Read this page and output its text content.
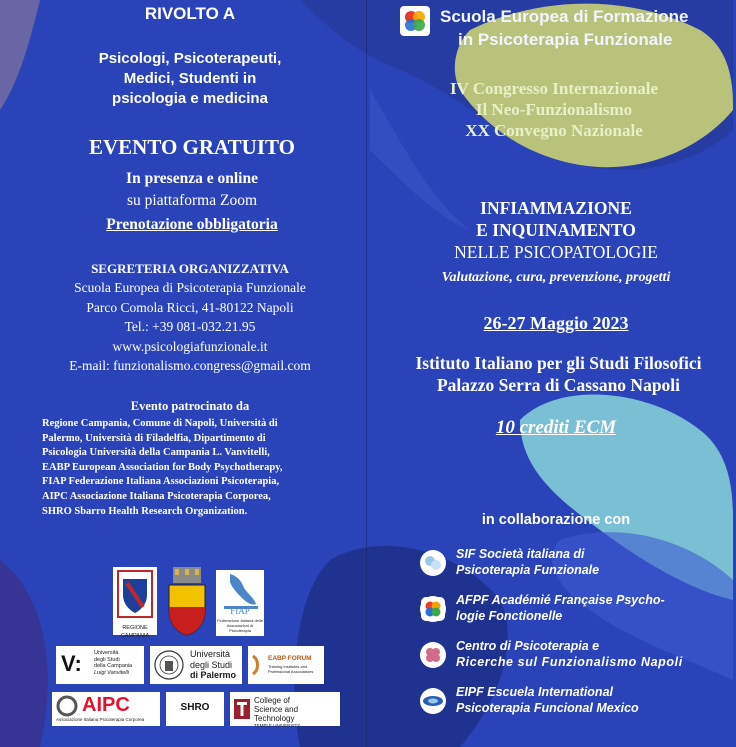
RIVOLTO A
Psicologi, Psicoterapeuti,
Medici, Studenti in
psicologia e medicina
EVENTO GRATUITO
In presenza e online
su piattaforma Zoom
Prenotazione obbligatoria
SEGRETERIA ORGANIZZATIVA
Scuola Europea di Psicoterapia Funzionale
Parco Comola Ricci, 41-80122 Napoli
Tel.: +39 081-032.21.95
www.psicologiafunzionale.it
E-mail: funzionalismo.congress@gmail.com
Evento patrocinato da
Regione Campania, Comune di Napoli, Università di
Palermo, Università di Filadelfia, Dipartimento di
Psicologia Università della Campania L. Vanvitelli,
EABP European Association for Body Psychotherapy,
FIAP Federazione Italiana Associazioni Psicoterapia,
AIPC Associazione Italiana Psicoterapia Corporea,
SHRO Sbarro Health Research Organization.
REGIONE CAMPANIA
FIAP
Federazione Italiana delle Associazioni di Psicoterapia
V: Università
degli Studi
della Campania
Luigi Vanvitelli
Università
degli Studi
di Palermo
EABP FORUM
Training Institutes and Professional Associations
AIPC
Associazione Italiana Psicoterapia Corporea
SHRO
College of
Science and Technology
TEMPLE UNIVERSITY
Scuola Europea di Formazione
in Psicoterapia Funzionale
IV Congresso Internazionale
Il Neo-Funzionalismo
XX Convegno Nazionale
INFIAMMAZIONE
E INQUINAMENTO
NELLE PSICOPATOLOGIE
Valutazione, cura, prevenzione, progetti
26-27 Maggio 2023
Istituto Italiano per gli Studi Filosofici
Palazzo Serra di Cassano Napoli
10 crediti ECM
in collaborazione con
SIF Società italiana di
Psicoterapia Funzionale
AFPF Académié Française Psycho-
logie Fonctionelle
Centro di Psicoterapia e
Ricerche sul Funzionalismo Napoli
EIPF Escuela International
Psicoterapia Funcional Mexico
